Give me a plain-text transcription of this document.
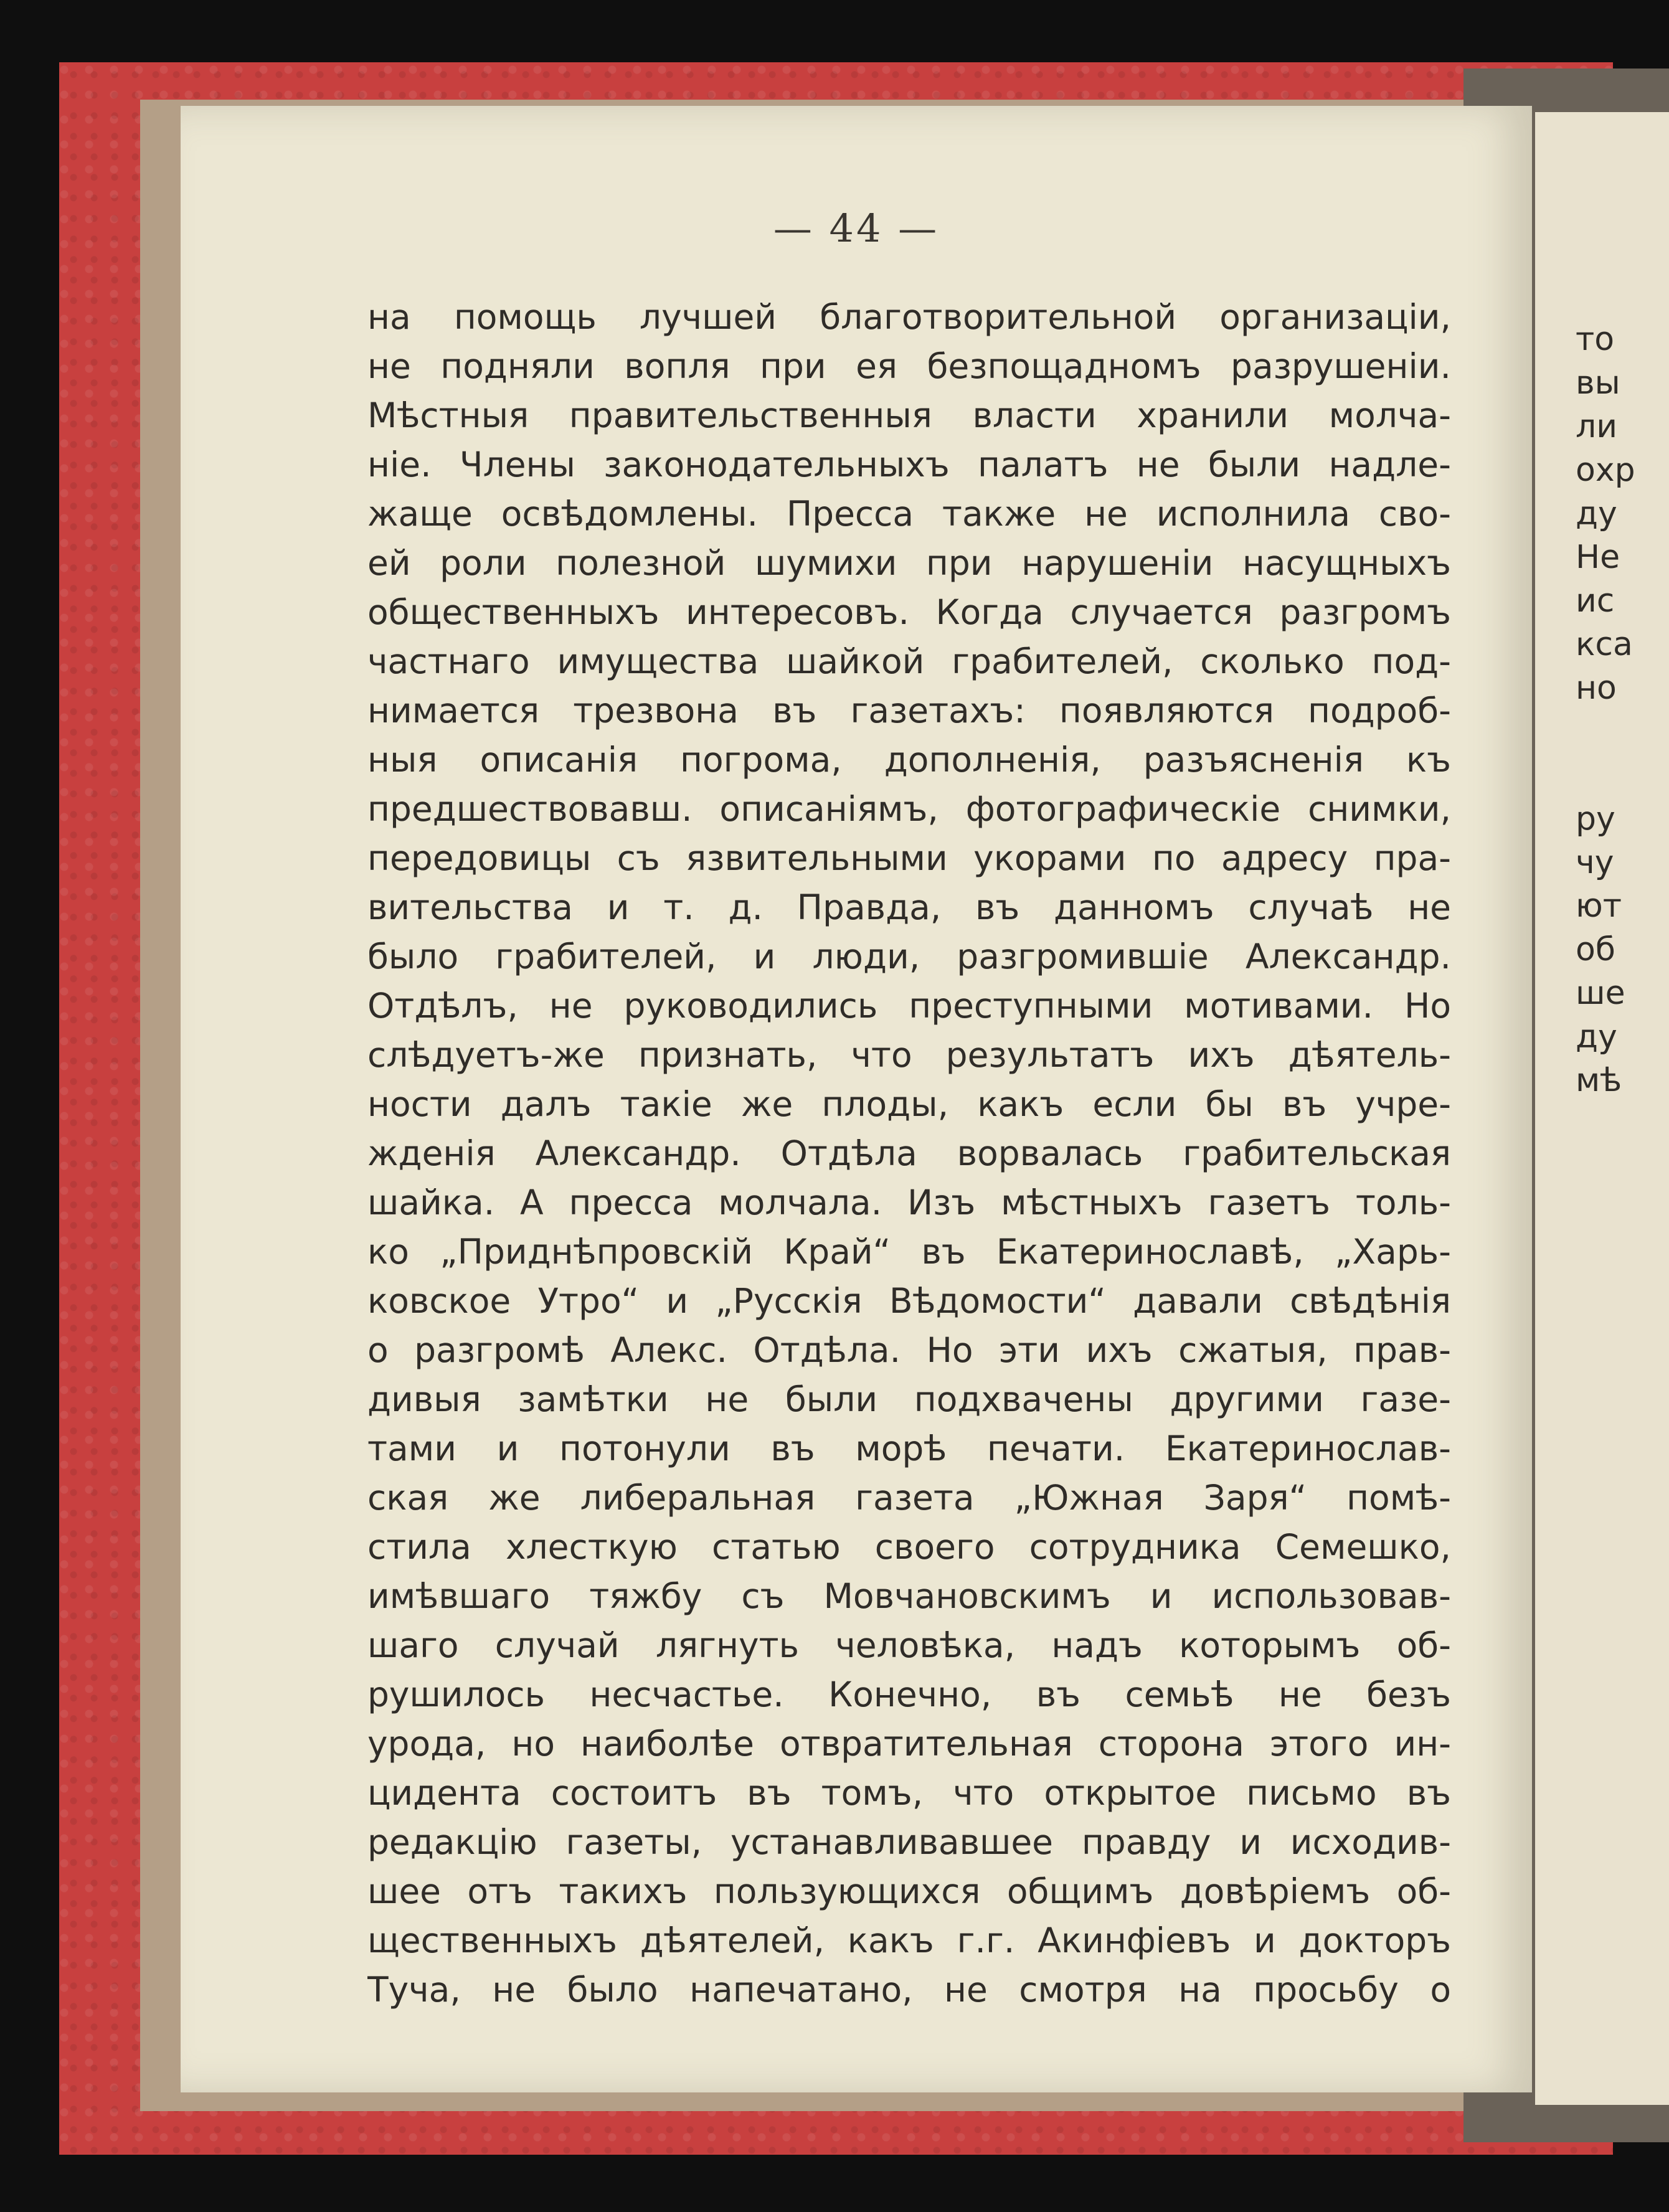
то
вы
ли
охр
ду
Не
ис
кса
но
ру
чу
ют
об
ше
ду
мѣ
— 44 —
на помощь лучшей благотворительной организаціи,
не подняли вопля при ея безпощадномъ разрушеніи.
Мѣстныя правительственныя власти хранили молча-
ніе. Члены законодательныхъ палатъ не были надле-
жаще освѣдомлены. Пресса также не исполнила сво-
ей роли полезной шумихи при нарушеніи насущныхъ
общественныхъ интересовъ. Когда случается разгромъ
частнаго имущества шайкой грабителей, сколько под-
нимается трезвона въ газетахъ: появляются подроб-
ныя описанія погрома, дополненія, разъясненія къ
предшествовавш. описаніямъ, фотографическіе снимки,
передовицы съ язвительными укорами по адресу пра-
вительства и т. д. Правда, въ данномъ случаѣ не
было грабителей, и люди, разгромившіе Александр.
Отдѣлъ, не руководились преступными мотивами. Но
слѣдуетъ-же признать, что результатъ ихъ дѣятель-
ности далъ такіе же плоды, какъ если бы въ учре-
жденія Александр. Отдѣла ворвалась грабительская
шайка. А пресса молчала. Изъ мѣстныхъ газетъ толь-
ко „Приднѣпровскій Край“ въ Екатеринославѣ, „Харь-
ковское Утро“ и „Русскія Вѣдомости“ давали свѣдѣнія
о разгромѣ Алекс. Отдѣла. Но эти ихъ сжатыя, прав-
дивыя замѣтки не были подхвачены другими газе-
тами и потонули въ морѣ печати. Екатеринослав-
ская же либеральная газета „Южная Заря“ помѣ-
стила хлесткую статью своего сотрудника Семешко,
имѣвшаго тяжбу съ Мовчановскимъ и использовав-
шаго случай лягнуть человѣка, надъ которымъ об-
рушилось несчастье. Конечно, въ семьѣ не безъ
урода, но наиболѣе отвратительная сторона этого ин-
цидента состоитъ въ томъ, что открытое письмо въ
редакцію газеты, устанавливавшее правду и исходив-
шее отъ такихъ пользующихся общимъ довѣріемъ об-
щественныхъ дѣятелей, какъ г.г. Акинфіевъ и докторъ
Туча, не было напечатано, не смотря на просьбу о
